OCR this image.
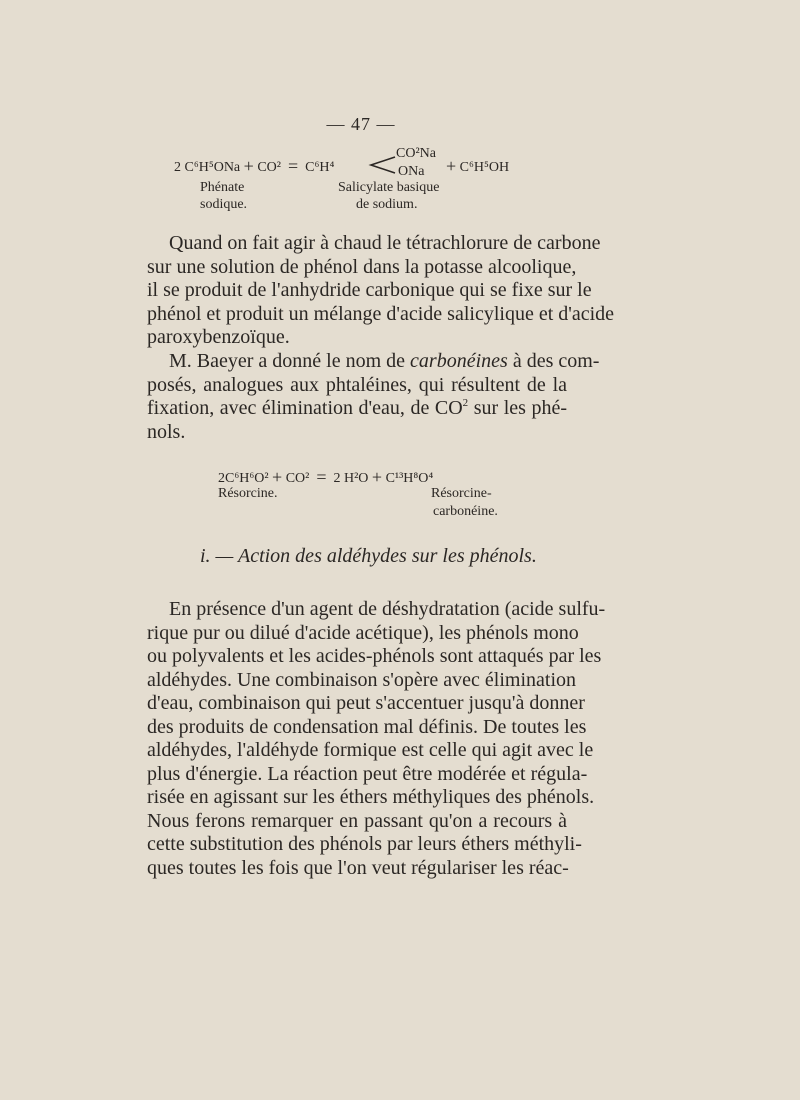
— 47 —
2 C⁶H⁵ONa + CO² = C⁶H⁴
CO²Na
ONa + C⁶H⁵OH
Phénate
sodique.
Salicylate basique
de sodium.
Quand on fait agir à chaud le tétrachlorure de carbone
sur une solution de phénol dans la potasse alcoolique,
il se produit de l'anhydride carbonique qui se fixe sur le
phénol et produit un mélange d'acide salicylique et d'acide
paroxybenzoïque.
M. Baeyer a donné le nom de carbonéines à des com-
posés, analogues aux phtaléines, qui résultent de la
fixation, avec élimination d'eau, de $CO^2$ sur les phé-
nols.
2C⁶H⁶O² + CO² = 2 H²O + C¹³H⁸O⁴
Résorcine.	Résorcine-
carbonéine.
i. — Action des aldéhydes sur les phénols.
En présence d'un agent de déshydratation (acide sulfu-
rique pur ou dilué d'acide acétique), les phénols mono
ou polyvalents et les acides-phénols sont attaqués par les
aldéhydes. Une combinaison s'opère avec élimination
d'eau, combinaison qui peut s'accentuer jusqu'à donner
des produits de condensation mal définis. De toutes les
aldéhydes, l'aldéhyde formique est celle qui agit avec le
plus d'énergie. La réaction peut être modérée et régula-
risée en agissant sur les éthers méthyliques des phénols.
Nous ferons remarquer en passant qu'on a recours à
cette substitution des phénols par leurs éthers méthyli-
ques toutes les fois que l'on veut régulariser les réac-
